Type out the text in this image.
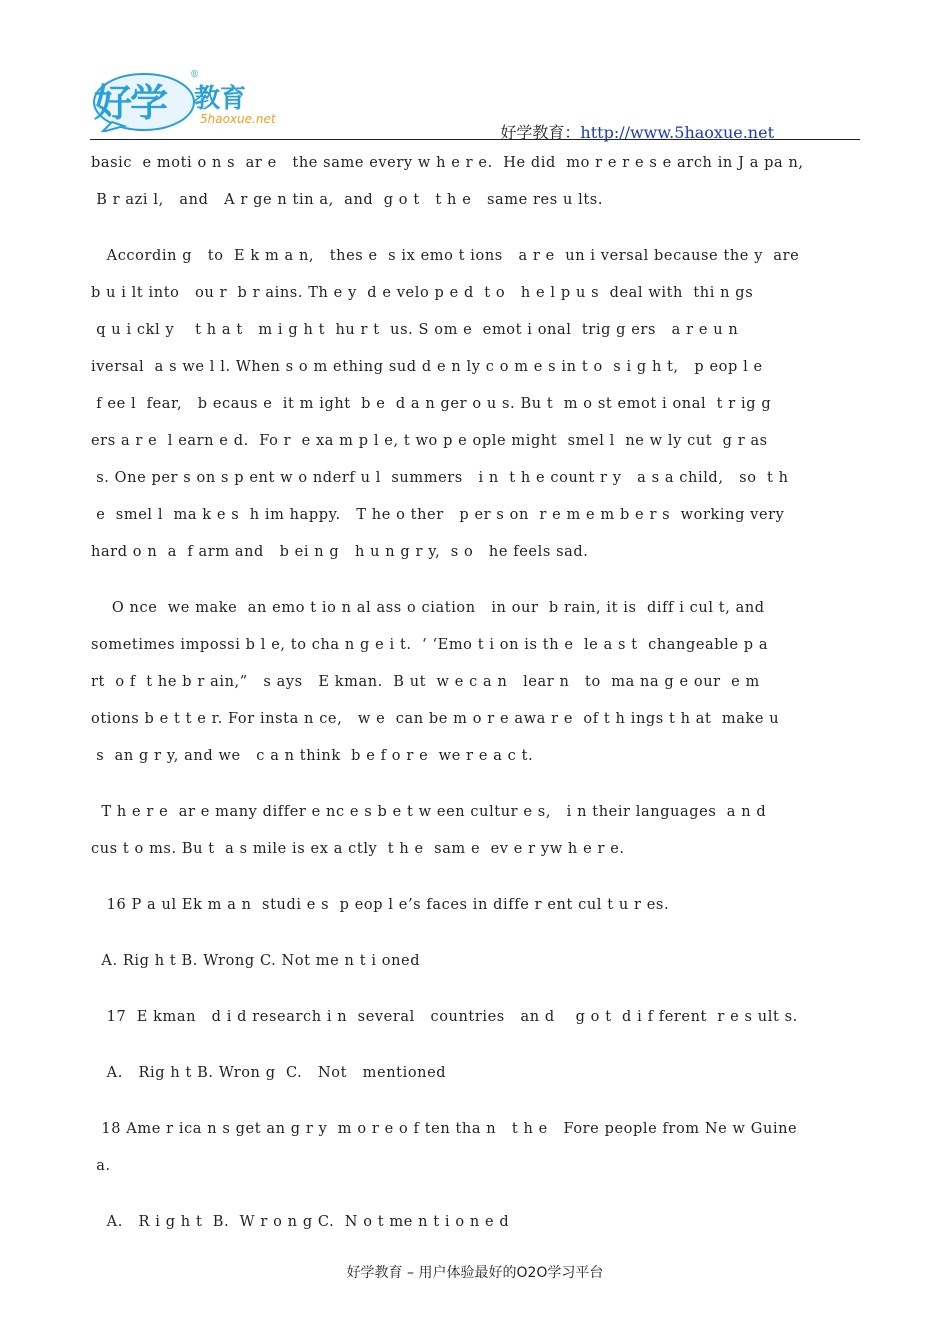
好学
®
教育
5haoxue.net
好学教育：http://www.5haoxue.net
basic  e moti o n s  ar e   the same every w h e r e.  He did  mo r e r e s e arch in J a pa n,
B r azi l,   and   A r ge n tin a,  and  g o t   t h e   same res u lts.
Accordin g   to  E k m a n,   thes e  s ix emo t ions   a r e  un i versal because the y  are
b u i lt into   ou r  b r ains. Th e y  d e velo p e d  t o   h e l p u s  deal with  thi n gs
q u i ckl y    t h a t   m i g h t  hu r t  us. S om e  emot i onal  trig g ers   a r e u n
iversal  a s we l l. When s o m ething sud d e n ly c o m e s in t o  s i g h t,   p eop l e
f ee l  fear,   b ecaus e  it m ight  b e  d a n ger o u s. Bu t  m o st emot i onal  t r ig g
ers a r e  l earn e d.  Fo r  e xa m p l e, t wo p e ople might  smel l  ne w ly cut  g r as
s. One per s on s p ent w o nderf u l  summers   i n  t h e count r y   a s a child,   so  t h
e  smel l  ma k e s  h im happy.   T he o ther   p er s on  r e m e m b e r s  working very
hard o n  a  f arm and   b ei n g   h u n g r y,  s o   he feels sad.
O nce  we make  an emo t io n al ass o ciation   in our  b rain, it is  diff i cul t, and
sometimes impossi b l e, to cha n g e i t.  ‘ ‘Emo t i on is th e  le a s t  changeable p a
rt  o f  t he b r ain,”   s ays   E kman.  B ut  w e c a n   lear n   to  ma na g e our  e m
otions b e t t e r. For insta n ce,   w e  can be m o r e awa r e  of t h ings t h at  make u
s  an g r y, and we   c a n think  b e f o r e  we r e a c t.
T h e r e  ar e many differ e nc e s b e t w een cultur e s,   i n their languages  a n d
cus t o ms. Bu t  a s mile is ex a ctly  t h e  sam e  ev e r yw h e r e.
16 P a ul Ek m a n  studi e s  p eop l e’s faces in diffe r ent cul t u r es.
A. Rig h t B. Wrong C. Not me n t i oned
17  E kman   d i d research i n  several   countries   an d    g o t  d i f ferent  r e s ult s.
A.   Rig h t B. Wron g  C.   Not   mentioned
18 Ame r ica n s get an g r y  m o r e o f ten tha n   t h e   Fore people from Ne w Guine
a.
A.   R i g h t  B.  W r o n g C.  N o t me n t i o n e d
好学教育 – 用户体验最好的O2O学习平台
